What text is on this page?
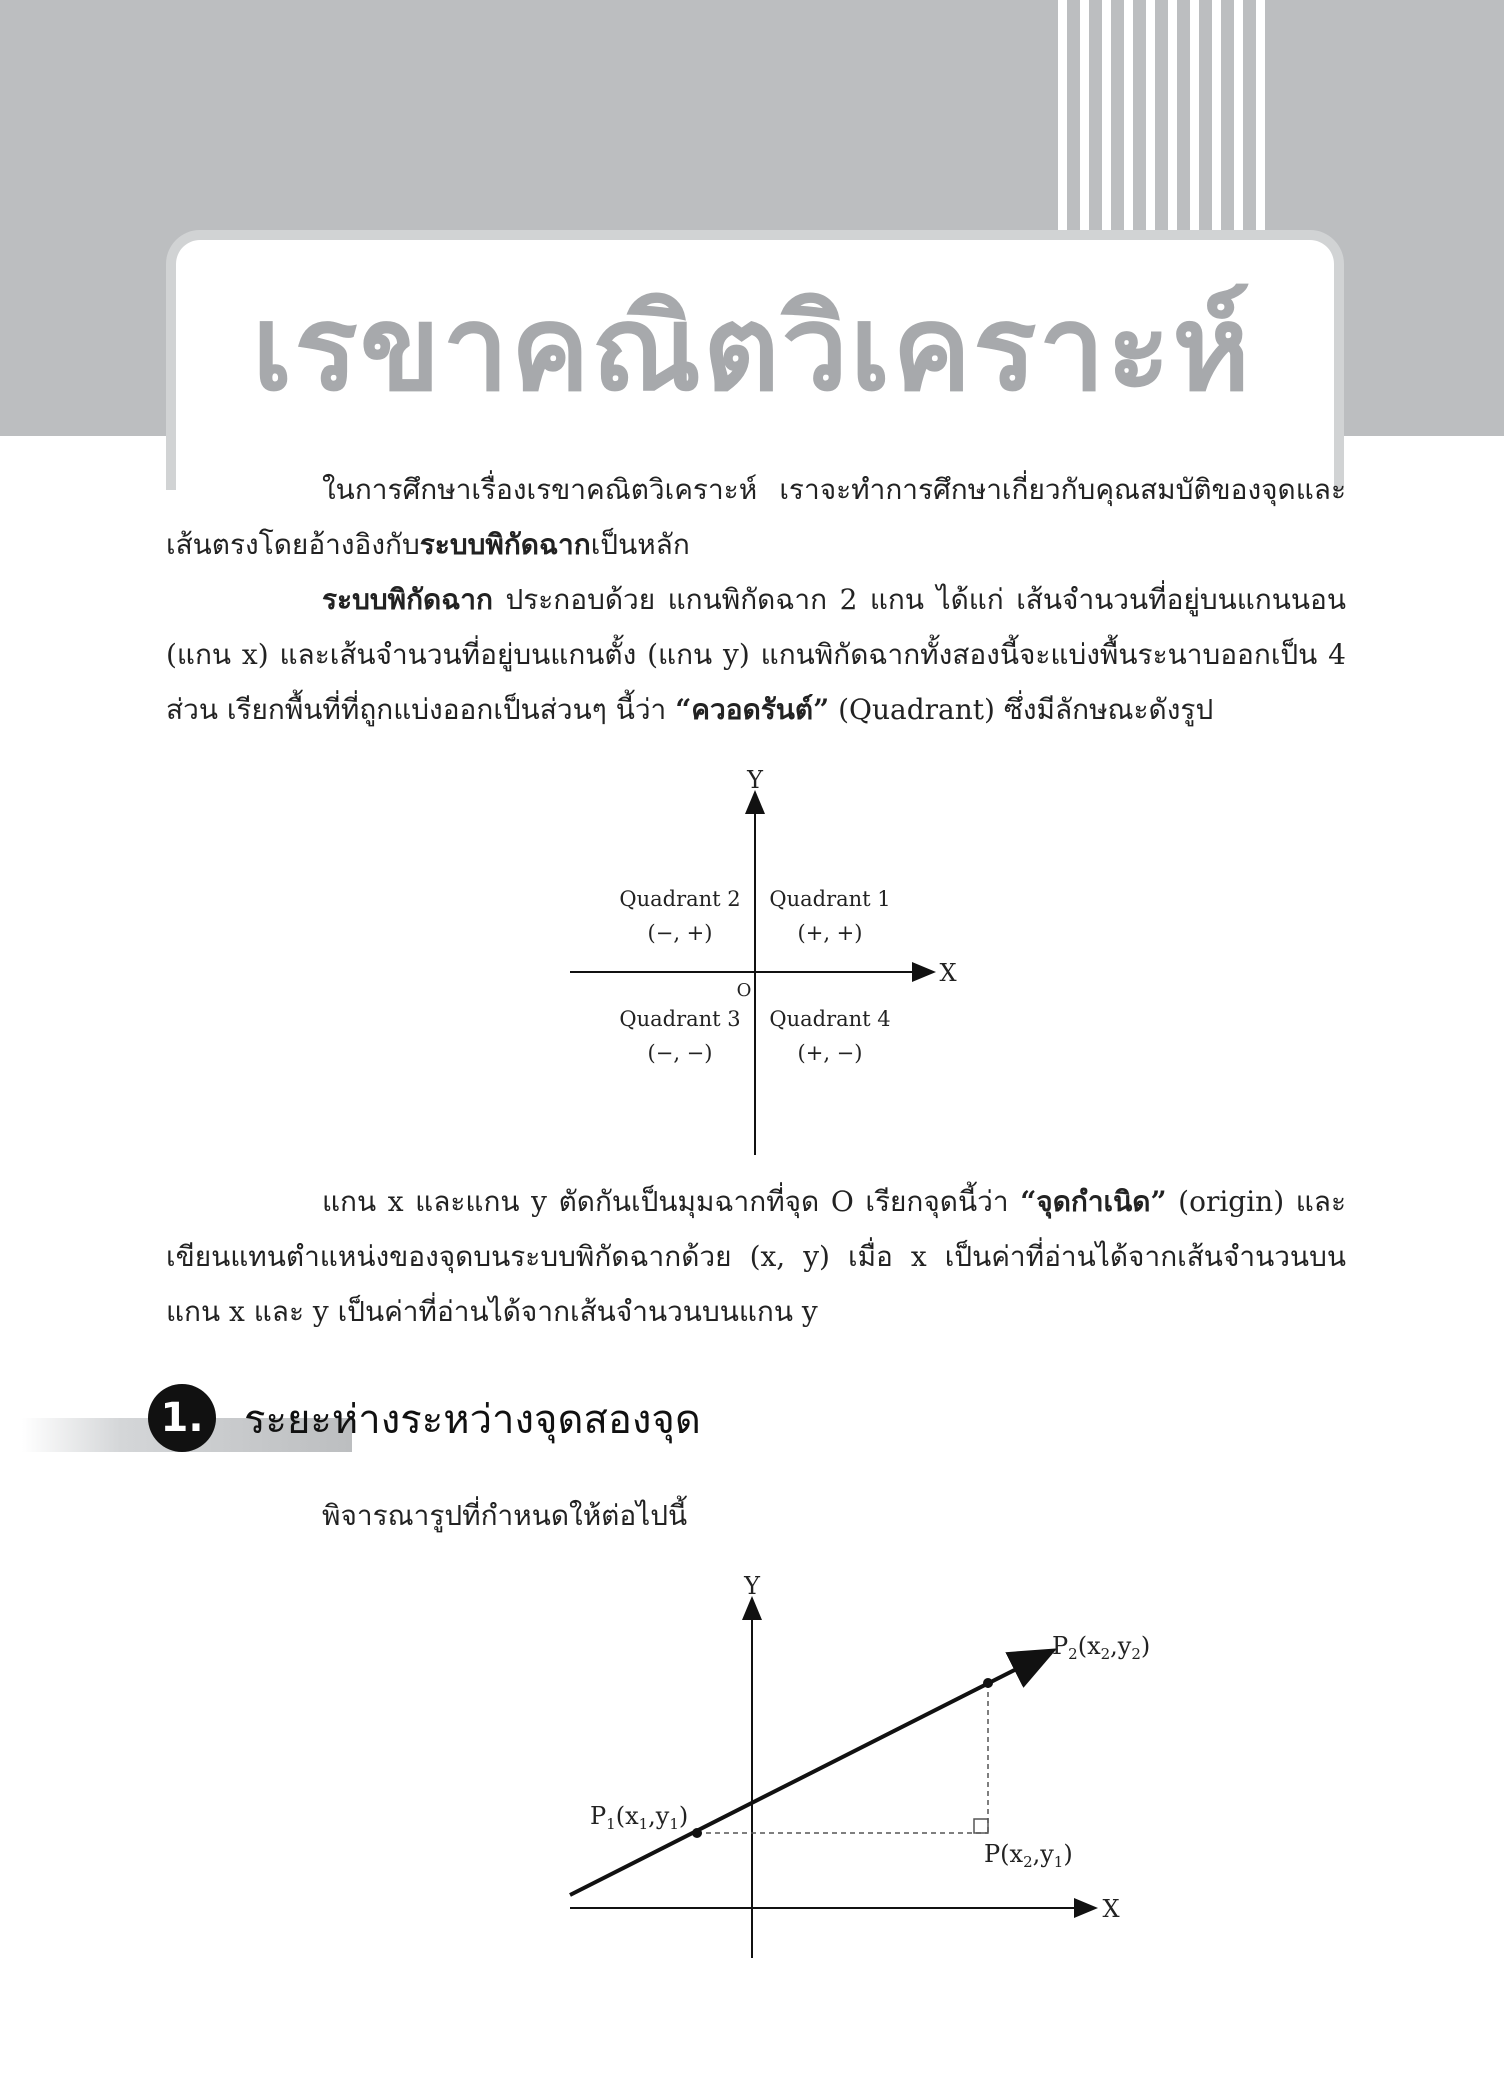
เรขาคณิตวิเคราะห์

ในการศึกษาเรื่องเรขาคณิตวิเคราะห์ เราจะทำการศึกษาเกี่ยวกับคุณสมบัติของจุดและเส้นตรงโดยอ้างอิงกับระบบพิกัดฉากเป็นหลัก

ระบบพิกัดฉาก ประกอบด้วย แกนพิกัดฉาก 2 แกน ได้แก่ เส้นจำนวนที่อยู่บนแกนนอน (แกน x) และเส้นจำนวนที่อยู่บนแกนตั้ง (แกน y) แกนพิกัดฉากทั้งสองนี้จะแบ่งพื้นระนาบออกเป็น 4 ส่วน เรียกพื้นที่ที่ถูกแบ่งออกเป็นส่วนๆ นี้ว่า “ควอดรันต์” (Quadrant) ซึ่งมีลักษณะดังรูป

Y
X
O
Quadrant 2
(−, +)
Quadrant 1
(+, +)
Quadrant 3
(−, −)
Quadrant 4
(+, −)

แกน x และแกน y ตัดกันเป็นมุมฉากที่จุด O เรียกจุดนี้ว่า “จุดกำเนิด” (origin) และเขียนแทนตำแหน่งของจุดบนระบบพิกัดฉากด้วย (x, y) เมื่อ x เป็นค่าที่อ่านได้จากเส้นจำนวนบนแกน x และ y เป็นค่าที่อ่านได้จากเส้นจำนวนบนแกน y

1.	ระยะห่างระหว่างจุดสองจุด

พิจารณารูปที่กำหนดให้ต่อไปนี้

Y
X
$P_1(x_1,y_1)$
$P_2(x_2,y_2)$
$P(x_2,y_1)$
